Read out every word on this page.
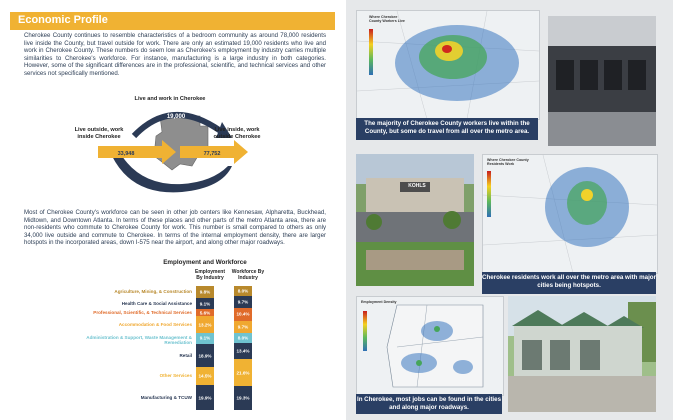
Economic Profile
Cherokee County continues to resemble characteristics of a bedroom community as around 78,000 residents live inside the County, but travel outside for work. There are only an estimated 19,000 residents who live and work in Cherokee County. These numbers do seem low as Cherokee's employment by industry carries multiple similarities to Cherokee's workforce. For instance, manufacturing is a large industry in both categories. However, some of the significant differences are in the professional, scientific, and technical services and other services not specifically mentioned.
19,000
33,948	77,752
Live and work in Cherokee
Live outside, work inside Cherokee
Live inside, work outside Cherokee
Most of Cherokee County's workforce can be seen in other job centers like Kennesaw, Alpharetta, Buckhead, Midtown, and Downtown Atlanta. In terms of these places and other parts of the metro Atlanta area, there are non-residents who commute to Cherokee County for work. This number is small compared to others as only 34,000 live outside and commute to Cherokee. In terms of the internal employment density, there are larger hotspots in the incorporated areas, down I-575 near the airport, and along other major roadways.
Employment and Workforce
Employment By Industry
Workforce By Industry
Agriculture, Mining, & Construction
Health Care & Social Assistance
Professional, Scientific, & Technical Services
Accommodation & Food Services
Administration & Support, Waste Management & Remediation
Retail
Other Services
Manufacturing & TCUW
9.8%
9.1%
5.6%
13.2%
9.1%
18.9%
14.5%
19.9%
8.0%
9.7%
10.4%
9.7%
8.0%
13.4%
21.6%
19.3%
Where Cherokee County Workers Live
The majority of Cherokee County workers live within the County, but some do travel from all over the metro area.
KOHLS
Where Cherokee County Residents Work
Cherokee residents work all over the metro area with major cities being hotspots.
Employment Density
In Cherokee, most jobs can be found in the cities and along major roadways.
